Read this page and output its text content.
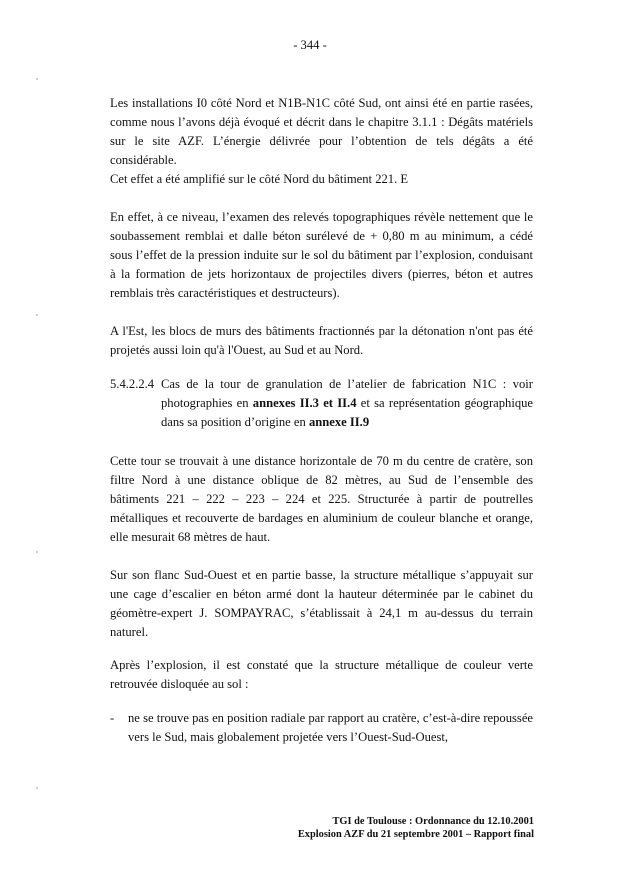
- 344 -
Les installations I0 côté Nord et N1B-N1C côté Sud, ont ainsi été en partie rasées,
comme nous l’avons déjà évoqué et décrit dans le chapitre 3.1.1 : Dégâts matériels
sur le site AZF. L’énergie délivrée pour l’obtention de tels dégâts a été
considérable.
Cet effet a été amplifié sur le côté Nord du bâtiment 221. E
En effet, à ce niveau, l’examen des relevés topographiques révèle nettement que le
soubassement remblai et dalle béton surélevé de + 0,80 m au minimum, a cédé
sous l’effet de la pression induite sur le sol du bâtiment par l’explosion, conduisant
à la formation de jets horizontaux de projectiles divers (pierres, béton et autres
remblais très caractéristiques et destructeurs).
A l'Est, les blocs de murs des bâtiments fractionnés par la détonation n'ont pas été
projetés aussi loin qu'à l'Ouest, au Sud et au Nord.
5.4.2.2.4 Cas de la tour de granulation de l’atelier de fabrication N1C : voir
photographies en annexes II.3 et II.4 et sa représentation géographique
dans sa position d’origine en annexe II.9
Cette tour se trouvait à une distance horizontale de 70 m du centre de cratère, son
filtre Nord à une distance oblique de 82 mètres, au Sud de l’ensemble des
bâtiments 221 – 222 – 223 – 224 et 225. Structurée à partir de poutrelles
métalliques et recouverte de bardages en aluminium de couleur blanche et orange,
elle mesurait 68 mètres de haut.
Sur son flanc Sud-Ouest et en partie basse, la structure métallique s’appuyait sur
une cage d’escalier en béton armé dont la hauteur déterminée par le cabinet du
géomètre-expert J. SOMPAYRAC, s’établissait à 24,1 m au-dessus du terrain
naturel.
Après l’explosion, il est constaté que la structure métallique de couleur verte
retrouvée disloquée au sol :
- ne se trouve pas en position radiale par rapport au cratère, c’est-à-dire repoussée
vers le Sud, mais globalement projetée vers l’Ouest-Sud-Ouest,
TGI de Toulouse : Ordonnance du 12.10.2001
Explosion AZF du 21 septembre 2001 – Rapport final
